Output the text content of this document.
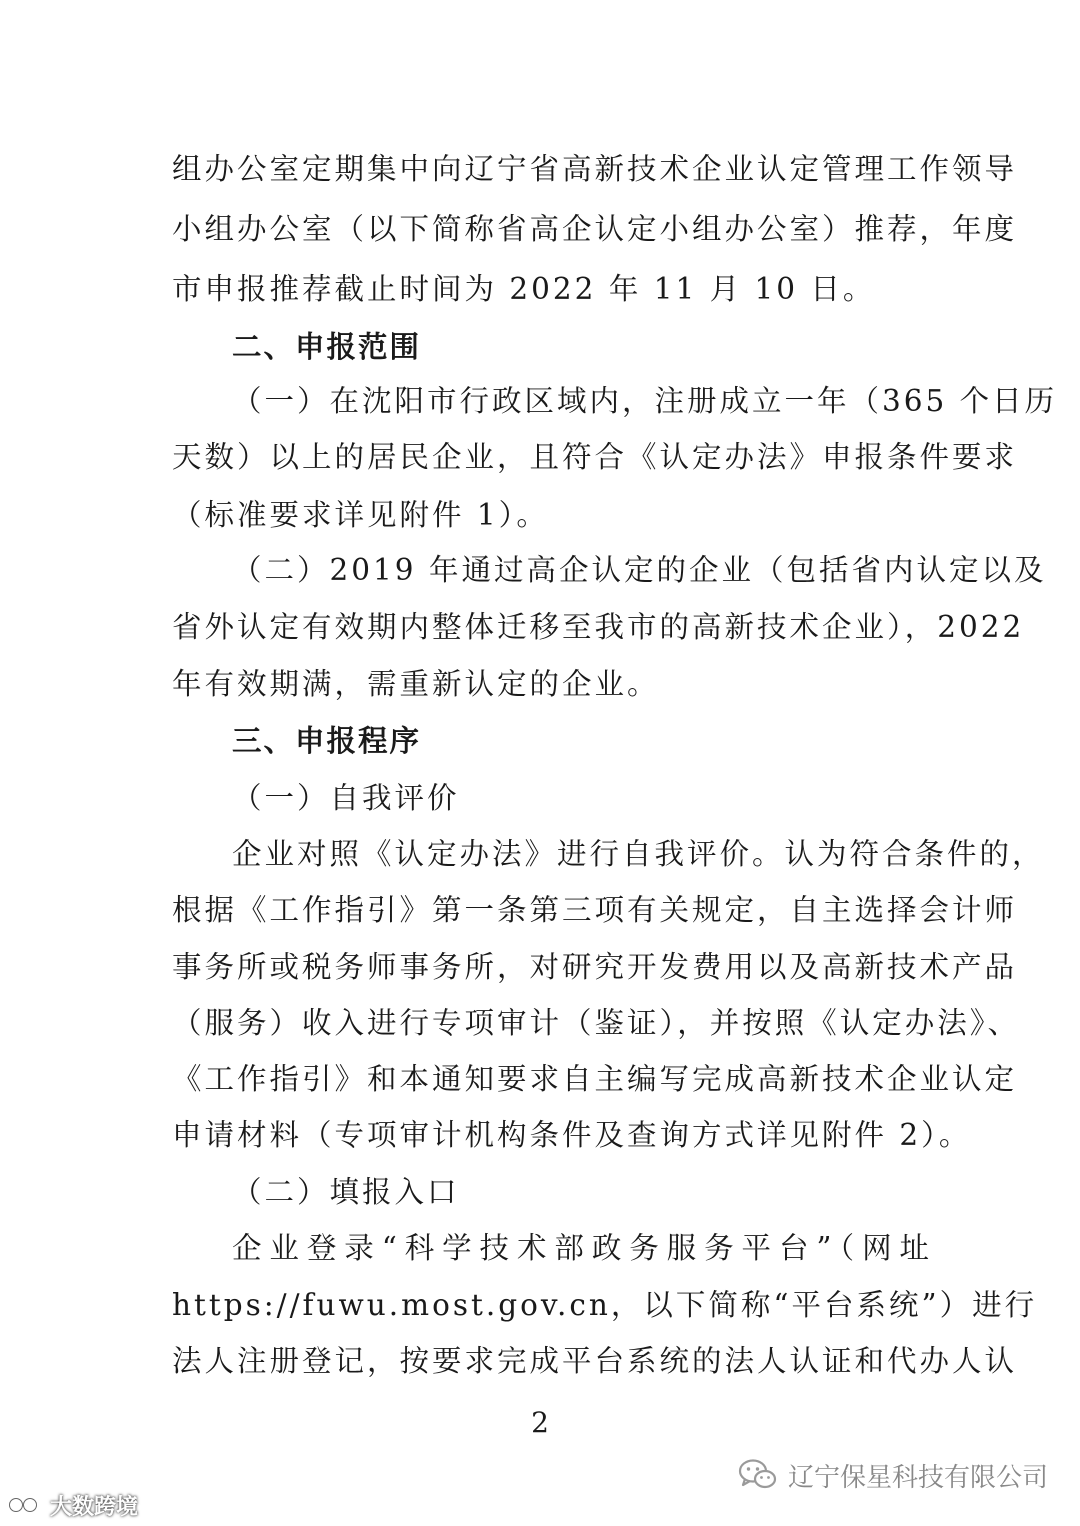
组办公室定期集中向辽宁省高新技术企业认定管理工作领导
小组办公室（以下简称省高企认定小组办公室）推荐，年度
市申报推荐截止时间为 2022 年 11 月 10 日。
二、申报范围
（一）在沈阳市行政区域内，注册成立一年（365 个日历
天数）以上的居民企业，且符合《认定办法》申报条件要求
（标准要求详见附件 1）。
（二）2019 年通过高企认定的企业（包括省内认定以及
省外认定有效期内整体迁移至我市的高新技术企业），2022
年有效期满，需重新认定的企业。
三、申报程序
（一）自我评价
企业对照《认定办法》进行自我评价。认为符合条件的，
根据《工作指引》第一条第三项有关规定，自主选择会计师
事务所或税务师事务所，对研究开发费用以及高新技术产品
（服务）收入进行专项审计（鉴证），并按照《认定办法》、
《工作指引》和本通知要求自主编写完成高新技术企业认定
申请材料（专项审计机构条件及查询方式详见附件 2）。
（二）填报入口
企业登录“科学技术部政务服务平台”（网址
https://fuwu.most.gov.cn，以下简称“平台系统”）进行
法人注册登记，按要求完成平台系统的法人认证和代办人认
2
辽宁保星科技有限公司
大数跨境
